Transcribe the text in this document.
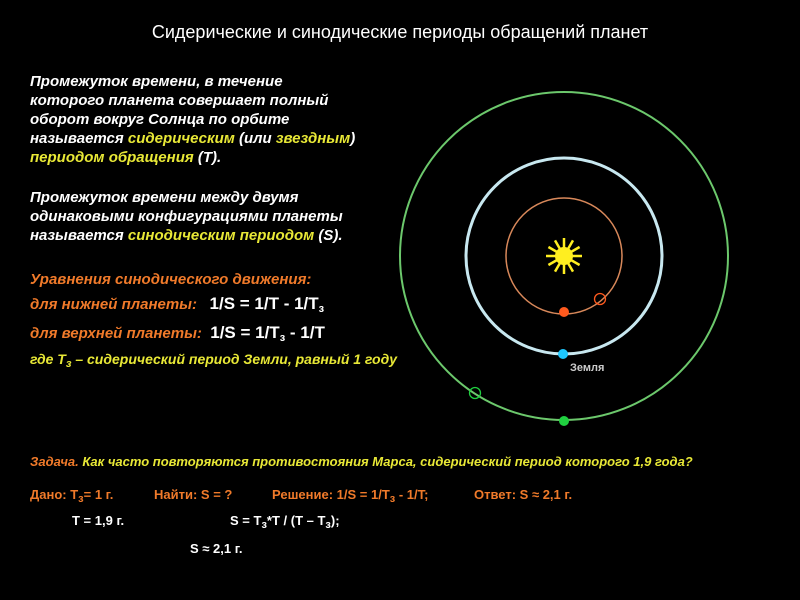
Сидерические и синодические периоды обращений планет
Промежуток времени, в течение
которого планета совершает полный
оборот вокруг Солнца по орбите
называется сидерическим (или звездным)
периодом обращения (Т).
Промежуток времени между двумя
одинаковыми конфигурациями планеты
называется синодическим периодом (S).
Уравнения синодического движения:
для нижней планеты: $1/S = 1/T - 1/T_з$
для верхней планеты: $1/S = 1/T_з - 1/T$
где $Т_з$ – сидерический период Земли, равный 1 году
Земля
Задача. Как часто повторяются противостояния Марса, сидерический период которого 1,9 года?
Дано: $Т_з= 1$ г.	Найти: S = ?	Решение: $1/S = 1/T_з - 1/T$;	Ответ: S ≈ 2,1 г.
Т = 1,9 г.	$S = Т_з*Т / (Т - Т_з)$;
S ≈ 2,1 г.
